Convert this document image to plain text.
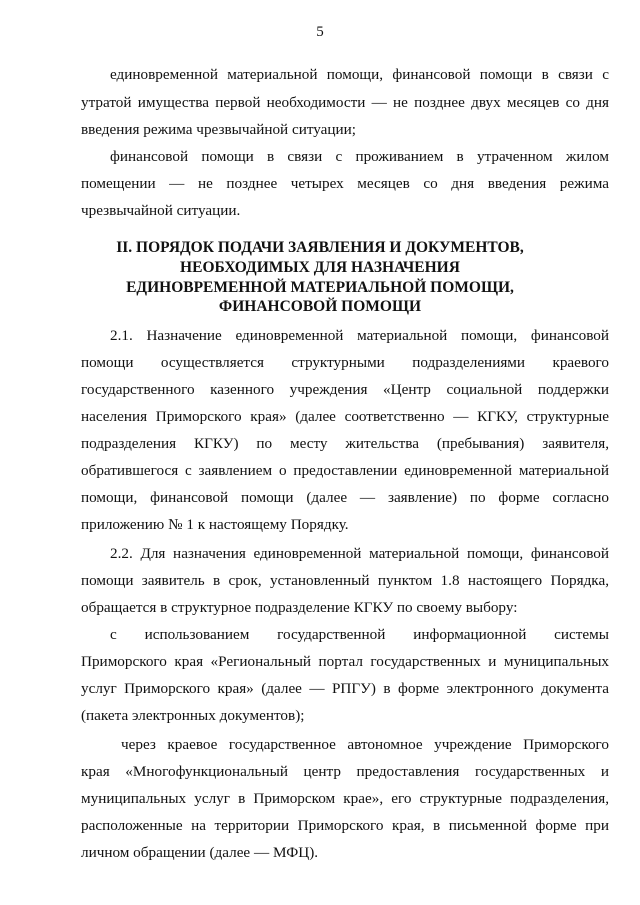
5
единовременной материальной помощи, финансовой помощи в связи с
утратой имущества первой необходимости — не позднее двух месяцев со дня
введения режима чрезвычайной ситуации;
финансовой помощи в связи с проживанием в утраченном жилом
помещении — не позднее четырех месяцев со дня введения режима
чрезвычайной ситуации.
II. ПОРЯДОК ПОДАЧИ ЗАЯВЛЕНИЯ И ДОКУМЕНТОВ,
НЕОБХОДИМЫХ ДЛЯ НАЗНАЧЕНИЯ
ЕДИНОВРЕМЕННОЙ МАТЕРИАЛЬНОЙ ПОМОЩИ,
ФИНАНСОВОЙ ПОМОЩИ
2.1. Назначение единовременной материальной помощи, финансовой
помощи осуществляется структурными подразделениями краевого
государственного казенного учреждения «Центр социальной поддержки
населения Приморского края» (далее соответственно — КГКУ, структурные
подразделения КГКУ) по месту жительства (пребывания) заявителя,
обратившегося с заявлением о предоставлении единовременной материальной
помощи, финансовой помощи (далее — заявление) по форме согласно
приложению № 1 к настоящему Порядку.
2.2. Для назначения единовременной материальной помощи, финансовой
помощи заявитель в срок, установленный пунктом 1.8 настоящего Порядка,
обращается в структурное подразделение КГКУ по своему выбору:
с использованием государственной информационной системы
Приморского края «Региональный портал государственных и муниципальных
услуг Приморского края» (далее — РПГУ) в форме электронного документа
(пакета электронных документов);
через краевое государственное автономное учреждение Приморского
края «Многофункциональный центр предоставления государственных и
муниципальных услуг в Приморском крае», его структурные подразделения,
расположенные на территории Приморского края, в письменной форме при
личном обращении (далее — МФЦ).
